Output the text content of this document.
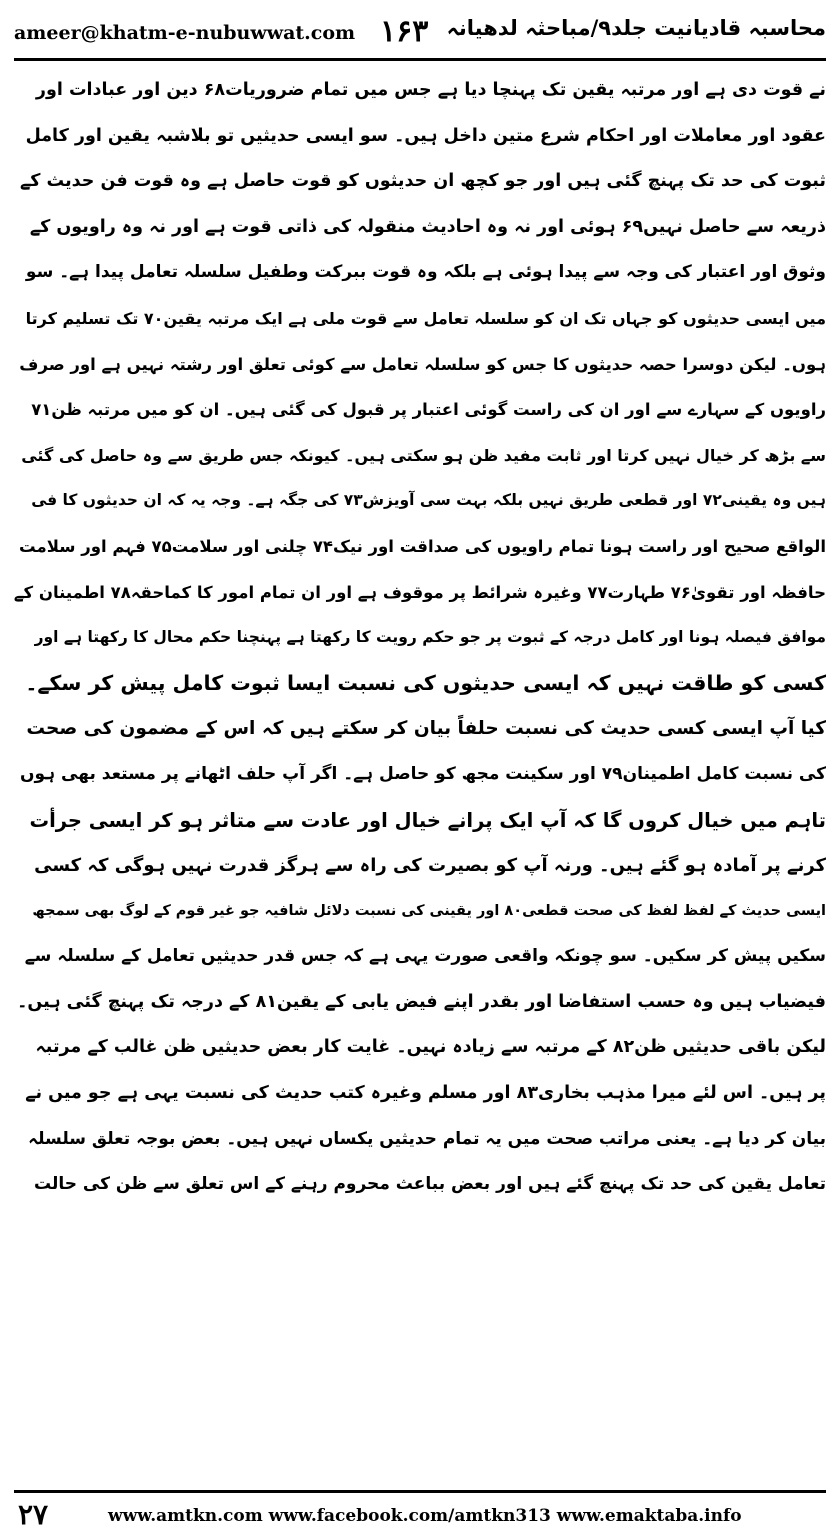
ameer@khatm-e-nubuwwat.com ۱۶۳ محاسبہ قادیانیت جلد۹/مباحثہ لدھیانہ
نے قوت دی ہے اور مرتبہ یقین تک پہنچا دیا ہے جس میں تمام ضروریات۶۸ دین اور عبادات اور
عقود اور معاملات اور احکام شرع متین داخل ہیں۔ سو ایسی حدیثیں تو بلاشبہ یقین اور کامل
ثبوت کی حد تک پہنچ گئی ہیں اور جو کچھ ان حدیثوں کو قوت حاصل ہے وہ قوت فن حدیث کے
ذریعہ سے حاصل نہیں۶۹ ہوئی اور نہ وہ احادیث منقولہ کی ذاتی قوت ہے اور نہ وہ راویوں کے
وثوق اور اعتبار کی وجہ سے پیدا ہوئی ہے بلکہ وہ قوت ببرکت وطفیل سلسلہ تعامل پیدا ہے۔ سو
میں ایسی حدیثوں کو جہاں تک ان کو سلسلہ تعامل سے قوت ملی ہے ایک مرتبہ یقین۷۰ تک تسلیم کرتا
ہوں۔ لیکن دوسرا حصہ حدیثوں کا جس کو سلسلہ تعامل سے کوئی تعلق اور رشتہ نہیں ہے اور صرف
راویوں کے سہارے سے اور ان کی راست گوئی اعتبار پر قبول کی گئی ہیں۔ ان کو میں مرتبہ ظن۷۱
سے بڑھ کر خیال نہیں کرتا اور ثابت مفید ظن ہو سکتی ہیں۔ کیونکہ جس طریق سے وہ حاصل کی گئی
ہیں وہ یقینی۷۲ اور قطعی طریق نہیں بلکہ بہت سی آویزش۷۳ کی جگہ ہے۔ وجہ یہ کہ ان حدیثوں کا فی
الواقع صحیح اور راست ہونا تمام راویوں کی صداقت اور نیک۷۴ چلنی اور سلامت۷۵ فہم اور سلامت
حافظہ اور تقویٰ۷۶ طہارت۷۷ وغیرہ شرائط پر موقوف ہے اور ان تمام امور کا کماحقہ۷۸ اطمینان کے
موافق فیصلہ ہونا اور کامل درجہ کے ثبوت پر جو حکم رویت کا رکھتا ہے پہنچنا حکم محال کا رکھتا ہے اور
کسی کو طاقت نہیں کہ ایسی حدیثوں کی نسبت ایسا ثبوت کامل پیش کر سکے۔
کیا آپ ایسی کسی حدیث کی نسبت حلفاً بیان کر سکتے ہیں کہ اس کے مضمون کی صحت
کی نسبت کامل اطمینان۷۹ اور سکینت مجھ کو حاصل ہے۔ اگر آپ حلف اٹھانے پر مستعد بھی ہوں
تاہم میں خیال کروں گا کہ آپ ایک پرانے خیال اور عادت سے متاثر ہو کر ایسی جرأت
کرنے پر آمادہ ہو گئے ہیں۔ ورنہ آپ کو بصیرت کی راہ سے ہرگز قدرت نہیں ہوگی کہ کسی
ایسی حدیث کے لفظ لفظ کی صحت قطعی۸۰ اور یقینی کی نسبت دلائل شافیہ جو غیر قوم کے لوگ بھی سمجھ
سکیں پیش کر سکیں۔ سو چونکہ واقعی صورت یہی ہے کہ جس قدر حدیثیں تعامل کے سلسلہ سے
فیضیاب ہیں وہ حسب استفاضا اور بقدر اپنے فیض یابی کے یقین۸۱ کے درجہ تک پہنچ گئی ہیں۔
لیکن باقی حدیثیں ظن۸۲ کے مرتبہ سے زیادہ نہیں۔ غایت کار بعض حدیثیں ظن غالب کے مرتبہ
پر ہیں۔ اس لئے میرا مذہب بخاری۸۳ اور مسلم وغیرہ کتب حدیث کی نسبت یہی ہے جو میں نے
بیان کر دیا ہے۔ یعنی مراتب صحت میں یہ تمام حدیثیں یکساں نہیں ہیں۔ بعض بوجہ تعلق سلسلہ
تعامل یقین کی حد تک پہنچ گئے ہیں اور بعض بباعث محروم رہنے کے اس تعلق سے ظن کی حالت
۲۷	www.amtkn.com www.facebook.com/amtkn313 www.emaktaba.info
